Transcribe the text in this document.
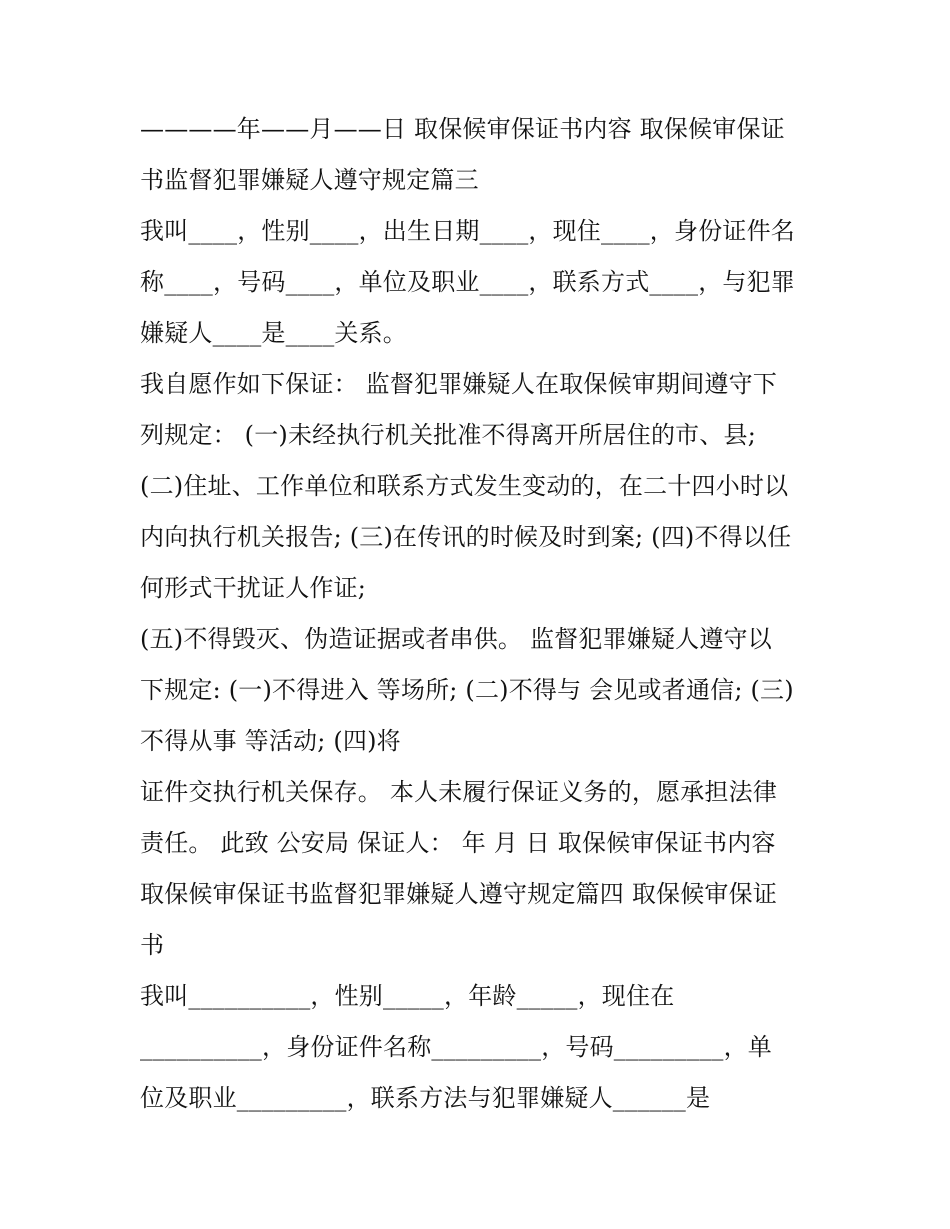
————年——月——日 取保候审保证书内容 取保候审保证
书监督犯罪嫌疑人遵守规定篇三
我叫____，性别____，出生日期____，现住____，身份证件名
称____，号码____，单位及职业____，联系方式____，与犯罪
嫌疑人____是____关系。
我自愿作如下保证： 监督犯罪嫌疑人在取保候审期间遵守下
列规定： (一)未经执行机关批准不得离开所居住的市、县;
(二)住址、工作单位和联系方式发生变动的，在二十四小时以
内向执行机关报告; (三)在传讯的时候及时到案; (四)不得以任
何形式干扰证人作证;
(五)不得毁灭、伪造证据或者串供。 监督犯罪嫌疑人遵守以
下规定: (一)不得进入 等场所; (二)不得与 会见或者通信; (三)
不得从事 等活动; (四)将
证件交执行机关保存。 本人未履行保证义务的，愿承担法律
责任。 此致 公安局 保证人： 年 月 日 取保候审保证书内容
取保候审保证书监督犯罪嫌疑人遵守规定篇四 取保候审保证
书
我叫__________，性别_____，年龄_____，现住在
__________，身份证件名称_________，号码_________，单
位及职业_________，联系方法与犯罪嫌疑人______是
